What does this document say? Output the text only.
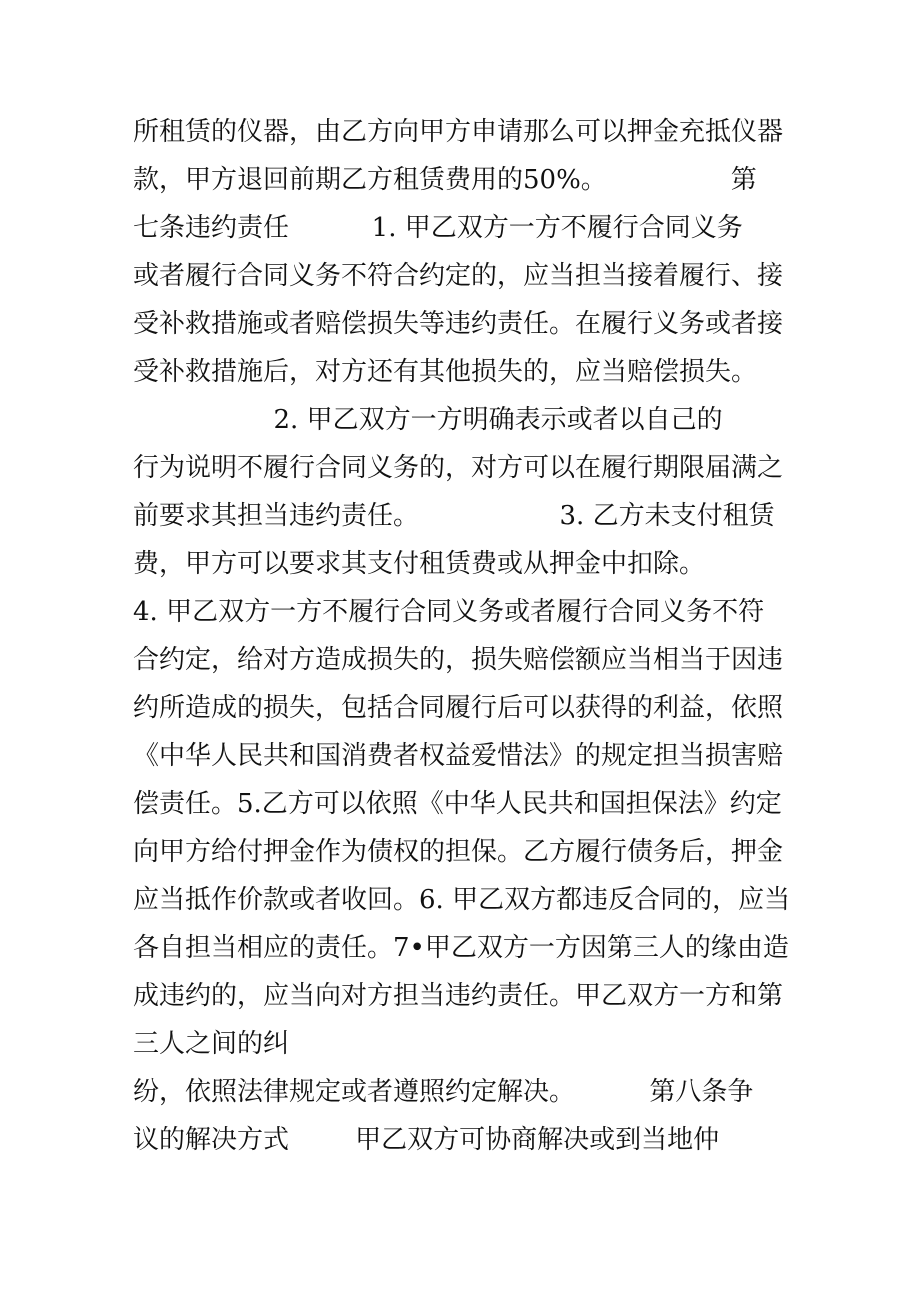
所租赁的仪器，由乙方向甲方申请那么可以押金充抵仪器
款，甲方退回前期乙方租赁费用的50%。               第
七条违约责任          1. 甲乙双方一方不履行合同义务
或者履行合同义务不符合约定的，应当担当接着履行、接
受补救措施或者赔偿损失等违约责任。在履行义务或者接
受补救措施后，对方还有其他损失的，应当赔偿损失。
2. 甲乙双方一方明确表示或者以自己的
行为说明不履行合同义务的，对方可以在履行期限届满之
前要求其担当违约责任。                 3. 乙方未支付租赁
费，甲方可以要求其支付租赁费或从押金中扣除。
4. 甲乙双方一方不履行合同义务或者履行合同义务不符
合约定，给对方造成损失的，损失赔偿额应当相当于因违
约所造成的损失，包括合同履行后可以获得的利益，依照
《中华人民共和国消费者权益爱惜法》的规定担当损害赔
偿责任。5.乙方可以依照《中华人民共和国担保法》约定
向甲方给付押金作为债权的担保。乙方履行债务后，押金
应当抵作价款或者收回。6. 甲乙双方都违反合同的，应当
各自担当相应的责任。7•甲乙双方一方因第三人的缘由造
成违约的，应当向对方担当违约责任。甲乙双方一方和第
三人之间的纠
纷，依照法律规定或者遵照约定解决。         第八条争
议的解决方式        甲乙双方可协商解决或到当地仲
